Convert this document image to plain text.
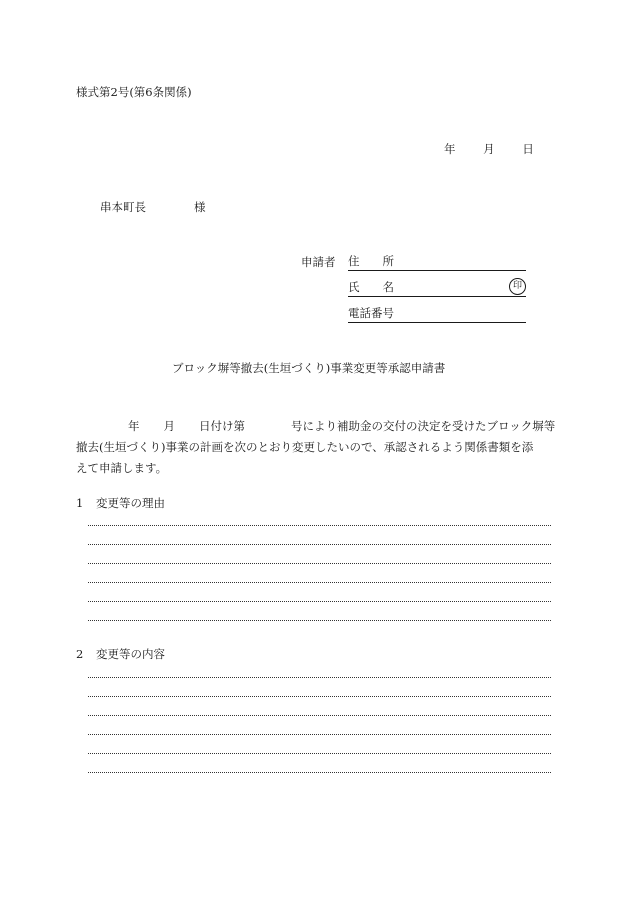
様式第2号(第6条関係)
年 月 日
串本町長	様
申請者 住　　所
氏　　名	印
電話番号
ブロック塀等撤去(生垣づくり)事業変更等承認申請書
年 月 日付け第	号により補助金の交付の決定を受けたブロック塀等
撤去(生垣づくり)事業の計画を次のとおり変更したいので、承認されるよう関係書類を添
えて申請します。
1 変更等の理由
2 変更等の内容
